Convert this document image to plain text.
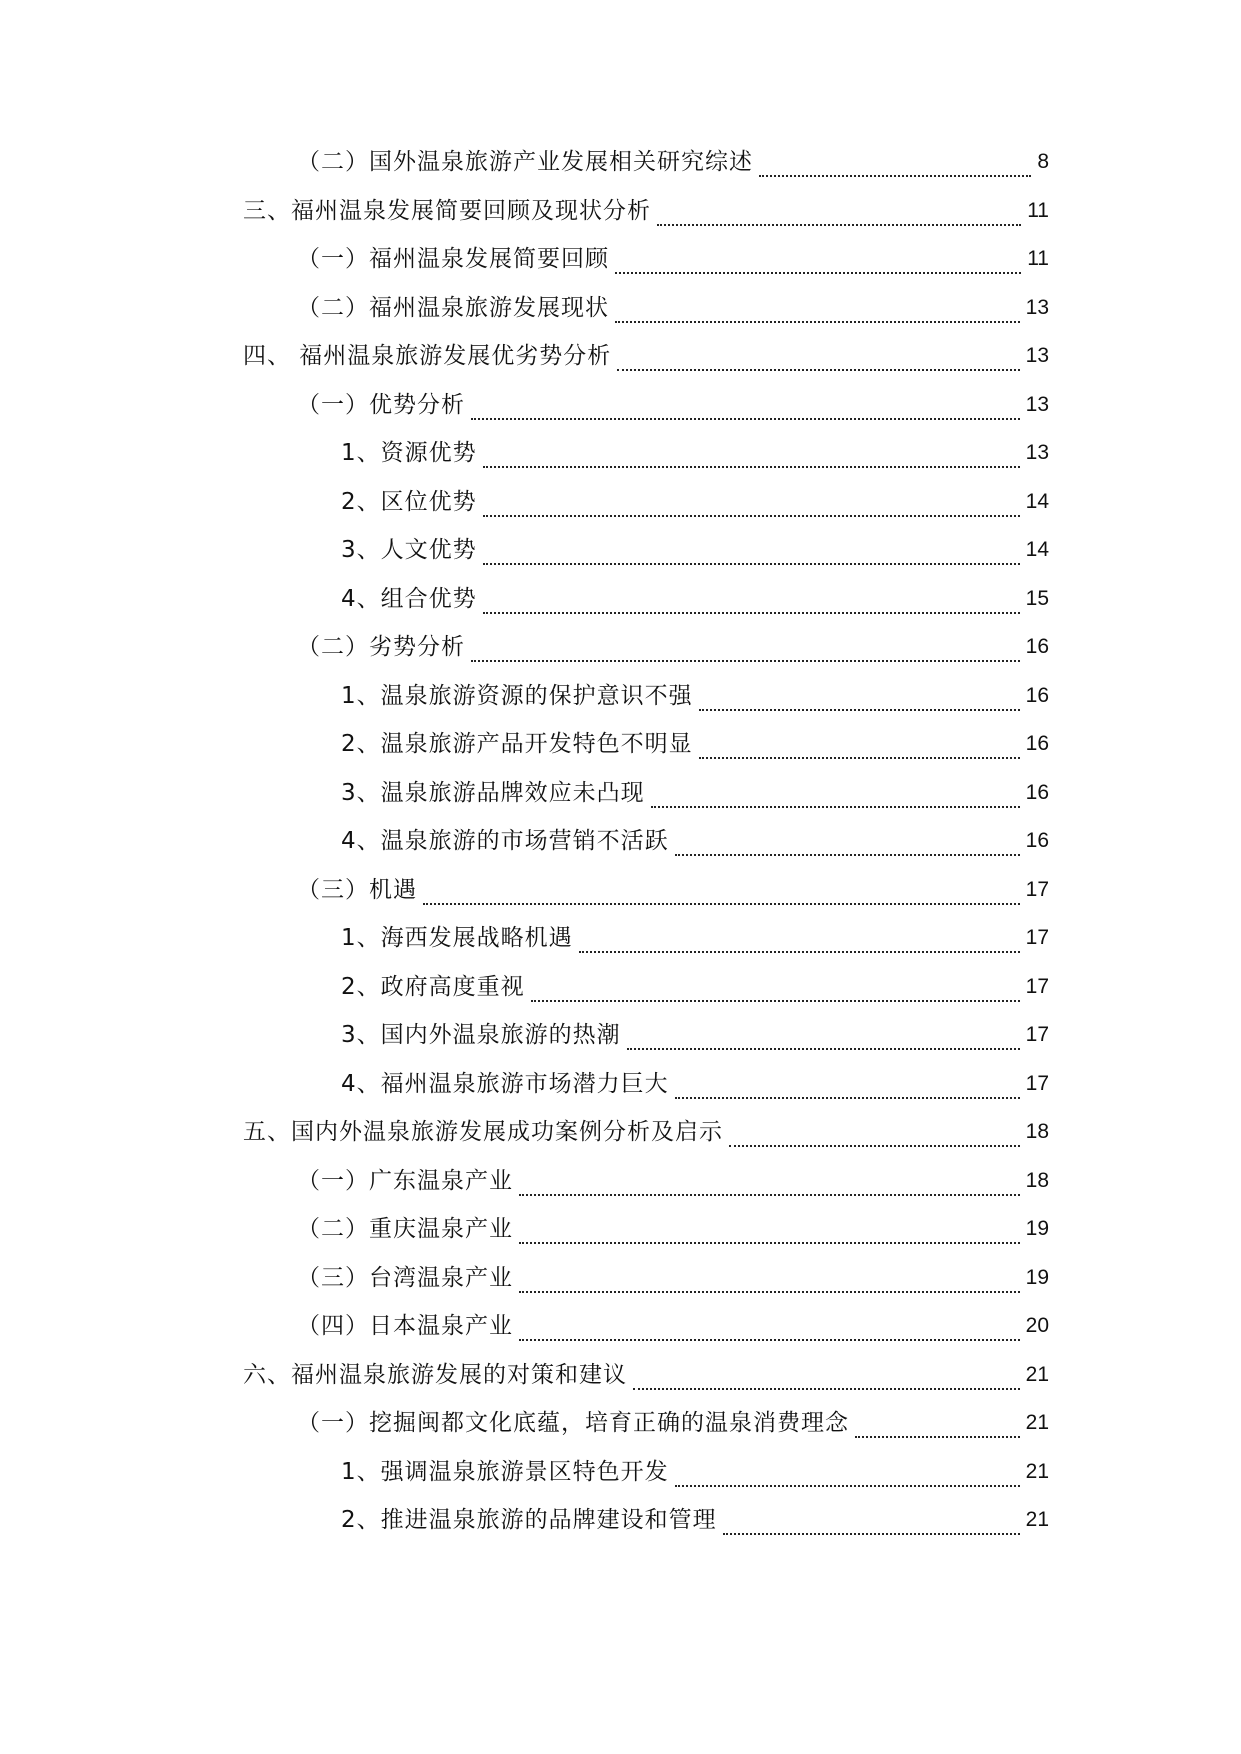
（二）国外温泉旅游产业发展相关研究综述	8
三、福州温泉发展简要回顾及现状分析	11
（一）福州温泉发展简要回顾	11
（二）福州温泉旅游发展现状	13
四、 福州温泉旅游发展优劣势分析	13
（一）优势分析	13
1、资源优势	13
2、区位优势	14
3、人文优势	14
4、组合优势	15
（二）劣势分析	16
1、温泉旅游资源的保护意识不强	16
2、温泉旅游产品开发特色不明显	16
3、温泉旅游品牌效应未凸现	16
4、温泉旅游的市场营销不活跃	16
（三）机遇	17
1、海西发展战略机遇	17
2、政府高度重视	17
3、国内外温泉旅游的热潮	17
4、福州温泉旅游市场潜力巨大	17
五、国内外温泉旅游发展成功案例分析及启示	18
（一）广东温泉产业	18
（二）重庆温泉产业	19
（三）台湾温泉产业	19
（四）日本温泉产业	20
六、福州温泉旅游发展的对策和建议	21
（一）挖掘闽都文化底蕴，培育正确的温泉消费理念	21
1、强调温泉旅游景区特色开发	21
2、推进温泉旅游的品牌建设和管理	21
